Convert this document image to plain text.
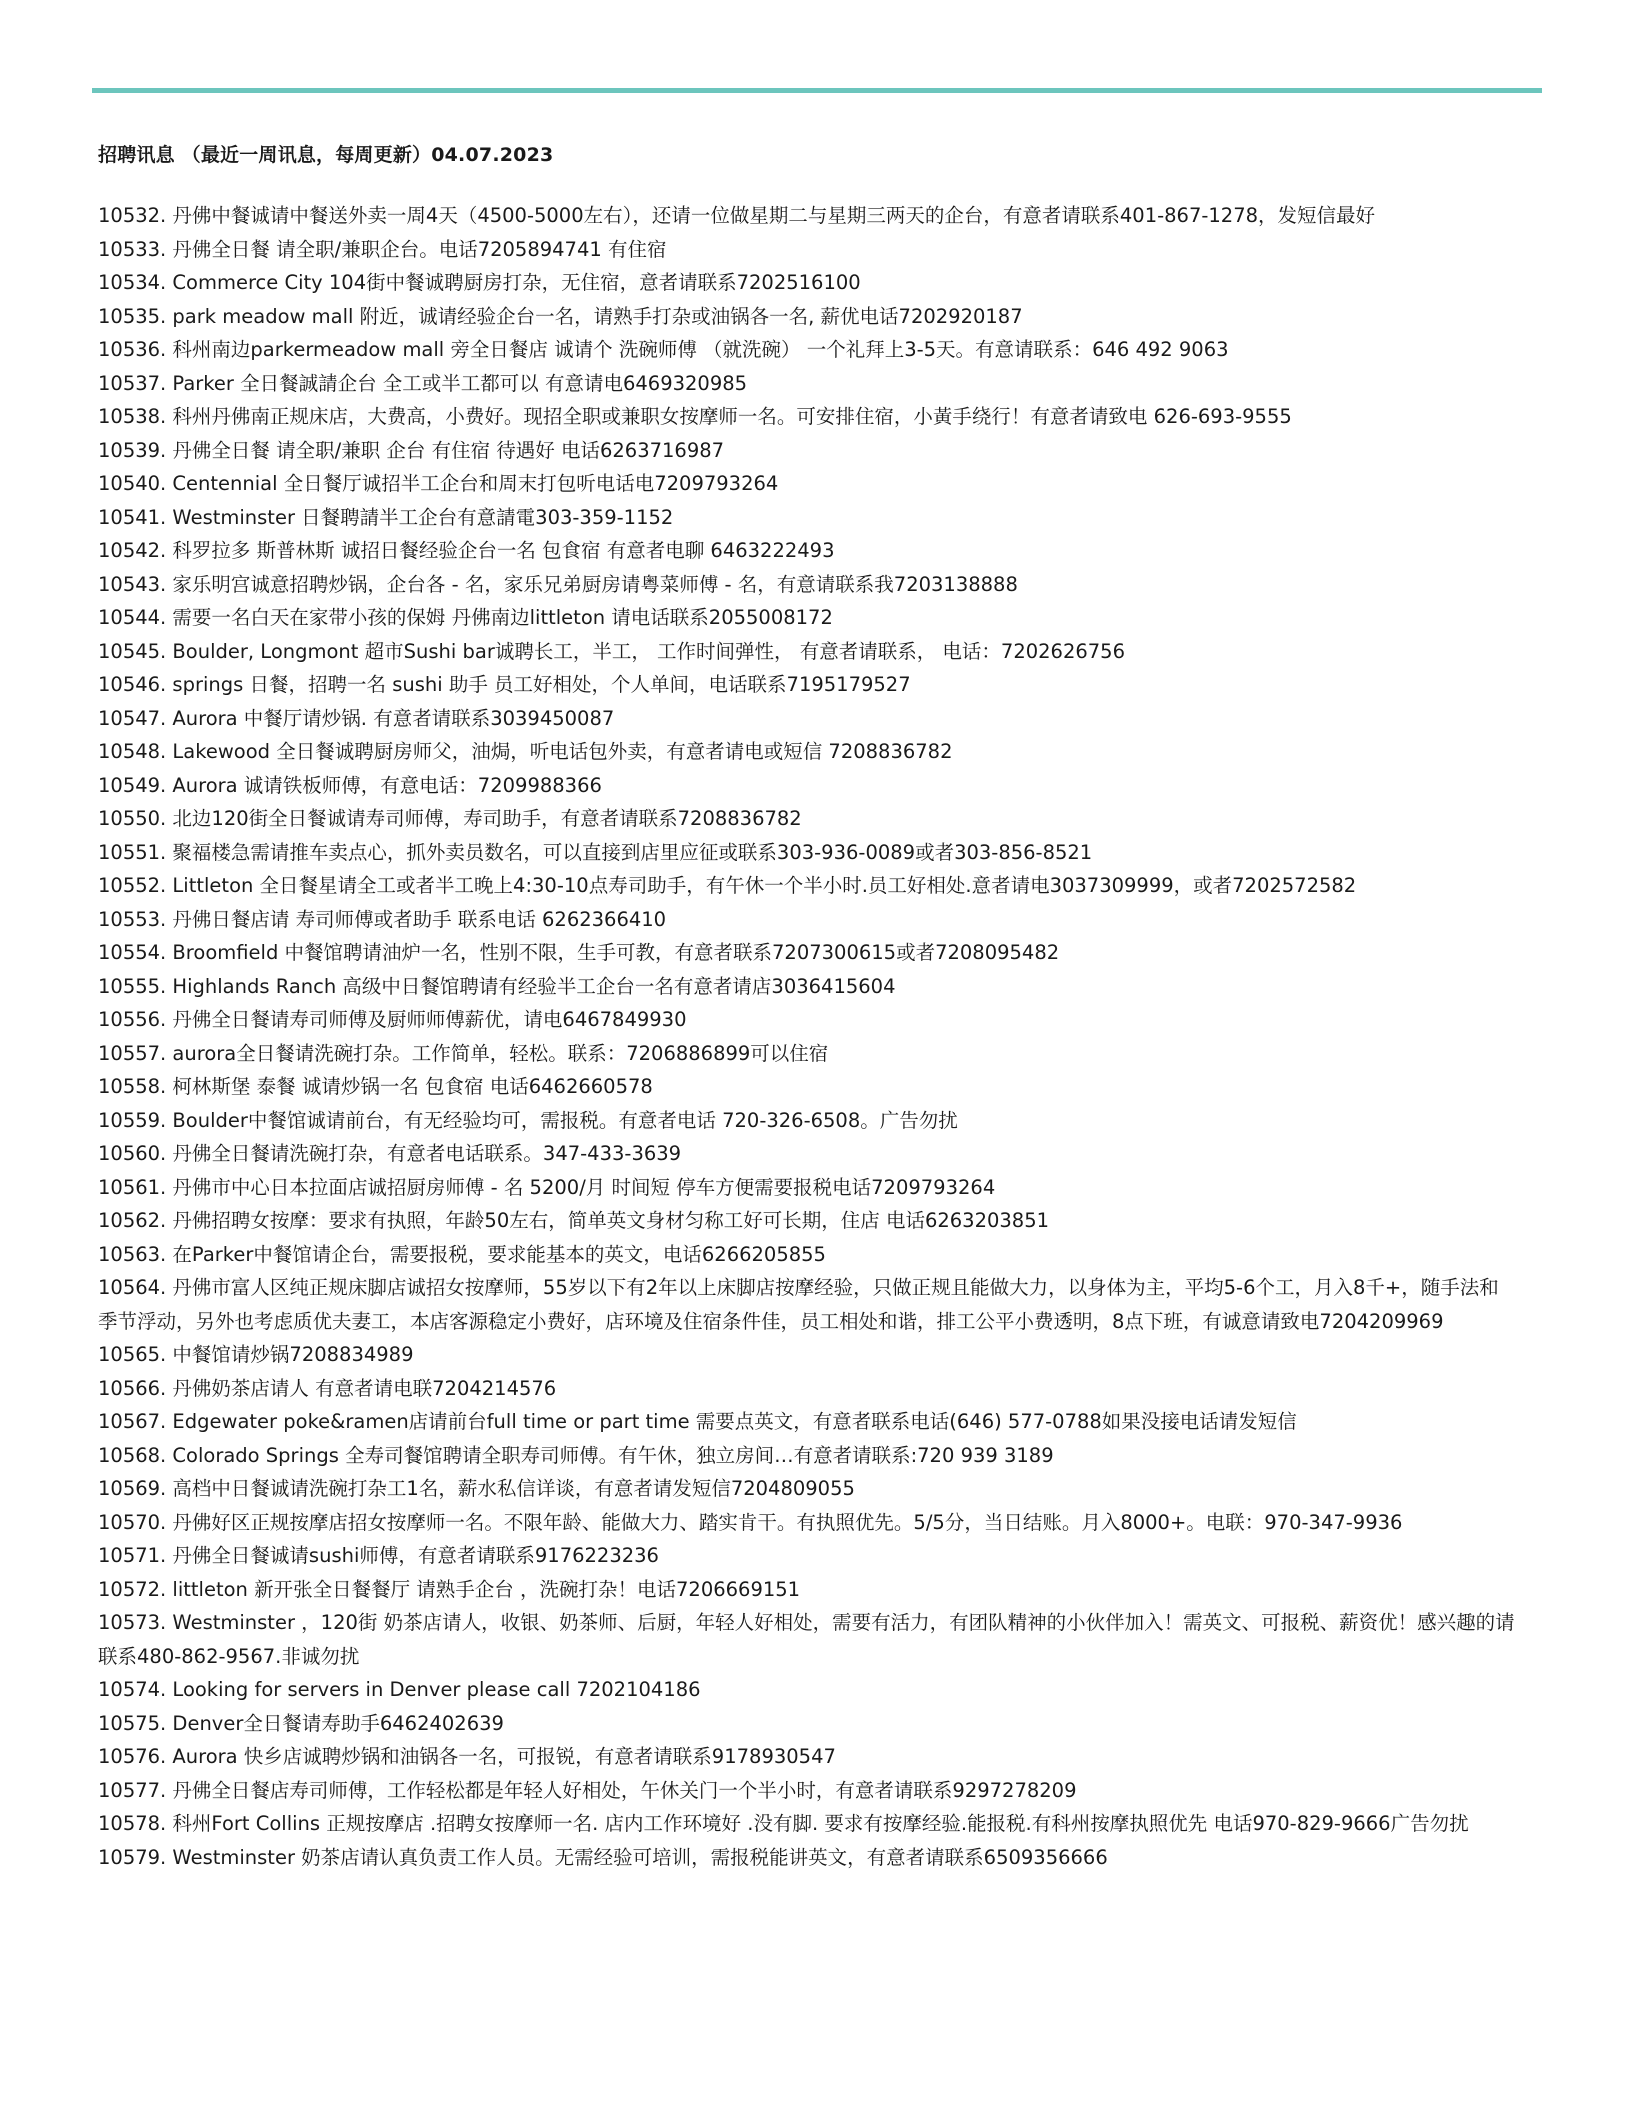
招聘讯息 （最近一周讯息，每周更新）04.07.2023
10532. 丹佛中餐诚请中餐送外卖一周4天（4500-5000左右），还请一位做星期二与星期三两天的企台，有意者请联系401-867-1278，发短信最好
10533. 丹佛全日餐 请全职/兼职企台。电话7205894741 有住宿
10534. Commerce City 104街中餐诚聘厨房打杂，无住宿，意者请联系7202516100
10535. park meadow mall 附近，诚请经验企台一名，请熟手打杂或油锅各一名, 薪优电话7202920187
10536. 科州南边parkermeadow mall 旁全日餐店 诚请个 洗碗师傅 （就洗碗） 一个礼拜上3-5天。有意请联系：646 492 9063
10537. Parker 全日餐誠請企台 全工或半工都可以 有意请电6469320985
10538. 科州丹佛南正规床店，大费高，小费好。现招全职或兼职女按摩师一名。可安排住宿，小黃手绕行！有意者请致电 626-693-9555
10539. 丹佛全日餐 请全职/兼职 企台 有住宿 待遇好 电话6263716987
10540. Centennial 全日餐厅诚招半工企台和周末打包听电话电7209793264
10541. Westminster 日餐聘請半工企台有意請電303-359-1152
10542. 科罗拉多 斯普林斯 诚招日餐经验企台一名 包食宿 有意者电聊 6463222493
10543. 家乐明宫诚意招聘炒锅，企台各 - 名，家乐兄弟厨房请粤菜师傅 - 名，有意请联系我7203138888
10544. 需要一名白天在家带小孩的保姆 丹佛南边littleton 请电话联系2055008172
10545. Boulder, Longmont 超市Sushi bar诚聘长工，半工， 工作时间弹性， 有意者请联系， 电话：7202626756
10546. springs 日餐，招聘一名 sushi 助手 员工好相处，个人单间，电话联系7195179527
10547. Aurora 中餐厅请炒锅. 有意者请联系3039450087
10548. Lakewood 全日餐诚聘厨房师父，油焗，听电话包外卖，有意者请电或短信 7208836782
10549. Aurora 诚请铁板师傅，有意电话：7209988366
10550. 北边120街全日餐诚请寿司师傅，寿司助手，有意者请联系7208836782
10551. 聚福楼急需请推车卖点心，抓外卖员数名，可以直接到店里应征或联系303-936-0089或者303-856-8521
10552. Littleton 全日餐星请全工或者半工晚上4:30-10点寿司助手，有午休一个半小时.员工好相处.意者请电3037309999，或者7202572582
10553. 丹佛日餐店请 寿司师傅或者助手 联系电话 6262366410
10554. Broomfield 中餐馆聘请油炉一名，性别不限，生手可教，有意者联系7207300615或者7208095482
10555. Highlands Ranch 高级中日餐馆聘请有经验半工企台一名有意者请店3036415604
10556. 丹佛全日餐请寿司师傅及厨师师傅薪优，请电6467849930
10557. aurora全日餐请洗碗打杂。工作简单，轻松。联系：7206886899可以住宿
10558. 柯林斯堡 泰餐 诚请炒锅一名 包食宿 电话6462660578
10559. Boulder中餐馆诚请前台，有无经验均可，需报税。有意者电话 720-326-6508。广告勿扰
10560. 丹佛全日餐请洗碗打杂，有意者电话联系。347-433-3639
10561. 丹佛市中心日本拉面店诚招厨房师傅 - 名 5200/月 时间短 停车方便需要报税电话7209793264
10562. 丹佛招聘女按摩：要求有执照，年龄50左右，简单英文身材匀称工好可长期，住店 电话6263203851
10563. 在Parker中餐馆请企台，需要报税，要求能基本的英文，电话6266205855
10564. 丹佛市富人区纯正规床脚店诚招女按摩师，55岁以下有2年以上床脚店按摩经验，只做正规且能做大力，以身体为主，平均5-6个工，月入8千+，随手法和季节浮动，另外也考虑质优夫妻工，本店客源稳定小费好，店环境及住宿条件佳，员工相处和谐，排工公平小费透明，8点下班，有诚意请致电7204209969
10565. 中餐馆请炒锅7208834989
10566. 丹佛奶茶店请人 有意者请电联7204214576
10567. Edgewater poke&ramen店请前台full time or part time 需要点英文，有意者联系电话(646) 577-0788如果没接电话请发短信
10568. Colorado Springs 全寿司餐馆聘请全职寿司师傅。有午休，独立房间…有意者请联系:720 939 3189
10569. 高档中日餐诚请洗碗打杂工1名，薪水私信详谈，有意者请发短信7204809055
10570. 丹佛好区正规按摩店招女按摩师一名。不限年龄、能做大力、踏实肯干。有执照优先。5/5分，当日结账。月入8000+。电联：970-347-9936
10571. 丹佛全日餐诚请sushi师傅，有意者请联系9176223236
10572. littleton 新开张全日餐餐厅 请熟手企台 ，洗碗打杂！电话7206669151
10573. Westminster ，120街 奶茶店请人，收银、奶茶师、后厨，年轻人好相处，需要有活力，有团队精神的小伙伴加入！需英文、可报税、薪资优！感兴趣的请联系480-862-9567.非诚勿扰
10574. Looking for servers in Denver please call 7202104186
10575. Denver全日餐请寿助手6462402639
10576. Aurora 快乡店诚聘炒锅和油锅各一名，可报锐，有意者请联系9178930547
10577. 丹佛全日餐店寿司师傅，工作轻松都是年轻人好相处，午休关门一个半小时，有意者请联系9297278209
10578. 科州Fort Collins 正规按摩店 .招聘女按摩师一名. 店内工作环境好 .没有脚. 要求有按摩经验.能报税.有科州按摩执照优先 电话970-829-9666广告勿扰
10579. Westminster 奶茶店请认真负责工作人员。无需经验可培训，需报税能讲英文，有意者请联系6509356666
